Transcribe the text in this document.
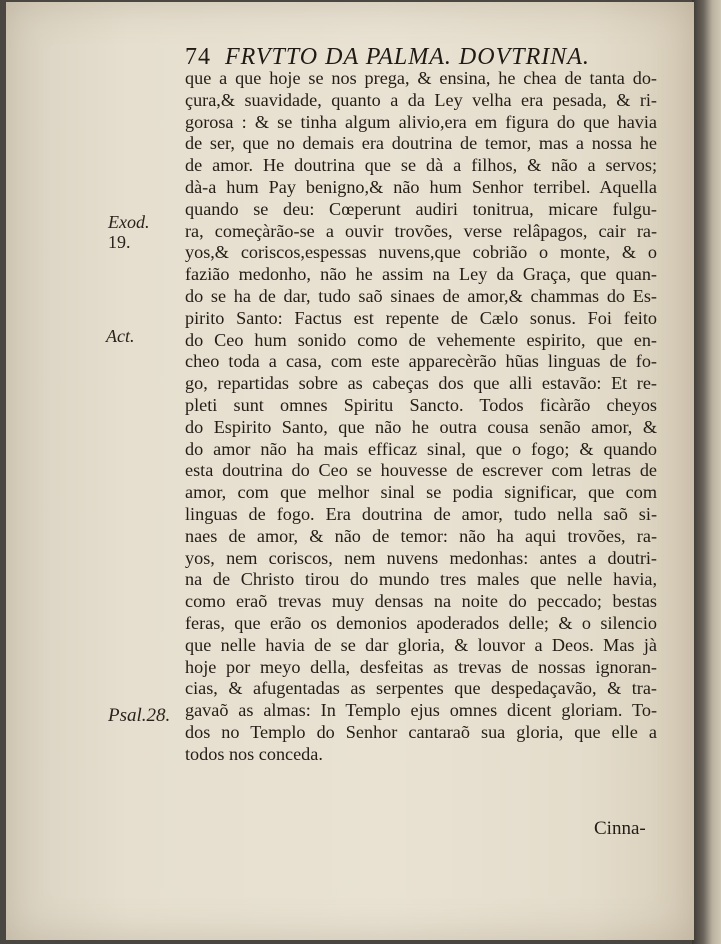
74 FRVTTO DA PALMA. DOVTRINA.
Exod.
19.
Act.
Psal.28.
que a que hoje se nos prega, & ensina, he chea de tanta do-
çura,& suavidade, quanto a da Ley velha era pesada, & ri-
gorosa : & se tinha algum alivio,era em figura do que havia
de ser, que no demais era doutrina de temor, mas a nossa he
de amor. He doutrina que se dà a filhos, & não a servos;
dà-a hum Pay benigno,& não hum Senhor terribel. Aquella
quando se deu: Cœperunt audiri tonitrua, micare fulgu-
ra, começàrão-se a ouvir trovões, verse relâpagos, cair ra-
yos,& coriscos,espessas nuvens,que cobrião o monte, & o
fazião medonho, não he assim na Ley da Graça, que quan-
do se ha de dar, tudo saõ sinaes de amor,& chammas do Es-
pirito Santo: Factus est repente de Cælo sonus. Foi feito
do Ceo hum sonido como de vehemente espirito, que en-
cheo toda a casa, com este apparecèrão hũas linguas de fo-
go, repartidas sobre as cabeças dos que alli estavão: Et re-
pleti sunt omnes Spiritu Sancto. Todos ficàrão cheyos
do Espirito Santo, que não he outra cousa senão amor, &
do amor não ha mais efficaz sinal, que o fogo; & quando
esta doutrina do Ceo se houvesse de escrever com letras de
amor, com que melhor sinal se podia significar, que com
linguas de fogo. Era doutrina de amor, tudo nella saõ si-
naes de amor, & não de temor: não ha aqui trovões, ra-
yos, nem coriscos, nem nuvens medonhas: antes a doutri-
na de Christo tirou do mundo tres males que nelle havia,
como eraõ trevas muy densas na noite do peccado; bestas
feras, que erão os demonios apoderados delle; & o silencio
que nelle havia de se dar gloria, & louvor a Deos. Mas jà
hoje por meyo della, desfeitas as trevas de nossas ignoran-
cias, & afugentadas as serpentes que despedaçavão, & tra-
gavaõ as almas: In Templo ejus omnes dicent gloriam. To-
dos no Templo do Senhor cantaraõ sua gloria, que elle a
todos nos conceda.
Cinna-
